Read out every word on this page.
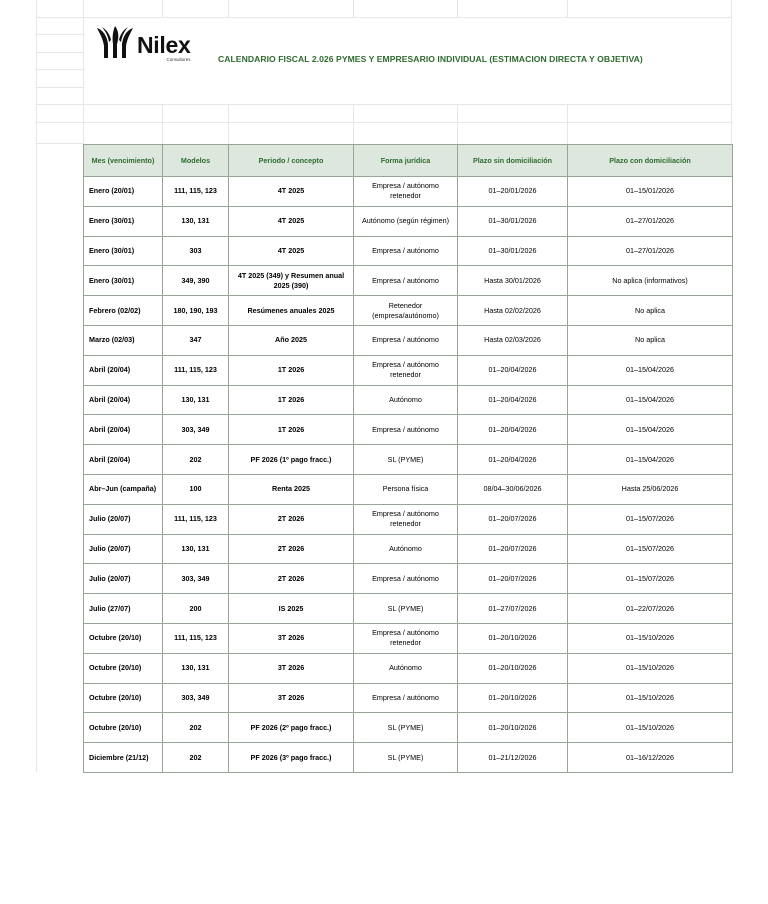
Nilex
Consultores	CALENDARIO FISCAL 2.026 PYMES Y EMPRESARIO INDIVIDUAL (ESTIMACION DIRECTA Y OBJETIVA)
Mes (vencimiento)	Modelos	Periodo / concepto	Forma jurídica	Plazo sin domiciliación	Plazo con domiciliación
Enero (20/01)	111, 115, 123	4T 2025	Empresa / autónomo retenedor	01–20/01/2026	01–15/01/2026
Enero (30/01)	130, 131	4T 2025	Autónomo (según régimen)	01–30/01/2026	01–27/01/2026
Enero (30/01)	303	4T 2025	Empresa / autónomo	01–30/01/2026	01–27/01/2026
Enero (30/01)	349, 390	4T 2025 (349) y Resumen anual 2025 (390)	Empresa / autónomo	Hasta 30/01/2026	No aplica (informativos)
Febrero (02/02)	180, 190, 193	Resúmenes anuales 2025	Retenedor (empresa/autónomo)	Hasta 02/02/2026	No aplica
Marzo (02/03)	347	Año 2025	Empresa / autónomo	Hasta 02/03/2026	No aplica
Abril (20/04)	111, 115, 123	1T 2026	Empresa / autónomo retenedor	01–20/04/2026	01–15/04/2026
Abril (20/04)	130, 131	1T 2026	Autónomo	01–20/04/2026	01–15/04/2026
Abril (20/04)	303, 349	1T 2026	Empresa / autónomo	01–20/04/2026	01–15/04/2026
Abril (20/04)	202	PF 2026 (1º pago fracc.)	SL (PYME)	01–20/04/2026	01–15/04/2026
Abr–Jun (campaña)	100	Renta 2025	Persona física	08/04–30/06/2026	Hasta 25/06/2026
Julio (20/07)	111, 115, 123	2T 2026	Empresa / autónomo retenedor	01–20/07/2026	01–15/07/2026
Julio (20/07)	130, 131	2T 2026	Autónomo	01–20/07/2026	01–15/07/2026
Julio (20/07)	303, 349	2T 2026	Empresa / autónomo	01–20/07/2026	01–15/07/2026
Julio (27/07)	200	IS 2025	SL (PYME)	01–27/07/2026	01–22/07/2026
Octubre (20/10)	111, 115, 123	3T 2026	Empresa / autónomo retenedor	01–20/10/2026	01–15/10/2026
Octubre (20/10)	130, 131	3T 2026	Autónomo	01–20/10/2026	01–15/10/2026
Octubre (20/10)	303, 349	3T 2026	Empresa / autónomo	01–20/10/2026	01–15/10/2026
Octubre (20/10)	202	PF 2026 (2º pago fracc.)	SL (PYME)	01–20/10/2026	01–15/10/2026
Diciembre (21/12)	202	PF 2026 (3º pago fracc.)	SL (PYME)	01–21/12/2026	01–16/12/2026
